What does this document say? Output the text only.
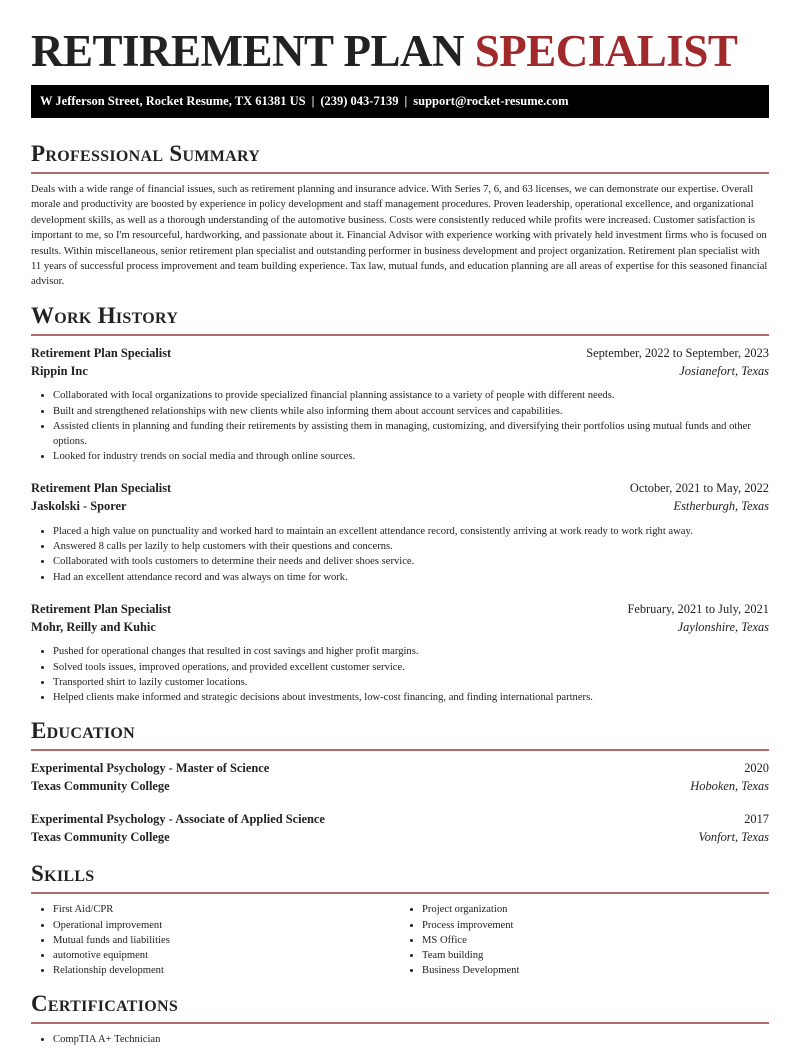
RETIREMENT PLAN SPECIALIST
W Jefferson Street, Rocket Resume, TX 61381 US | (239) 043-7139 | support@rocket-resume.com
Professional Summary

Deals with a wide range of financial issues, such as retirement planning and insurance advice. With Series 7, 6, and 63 licenses, we can demonstrate our expertise. Overall morale and productivity are boosted by experience in policy development and staff management procedures. Proven leadership, operational excellence, and organizational development skills, as well as a thorough understanding of the automotive business. Costs were consistently reduced while profits were increased. Customer satisfaction is important to me, so I'm resourceful, hardworking, and passionate about it. Financial Advisor with experience working with privately held investment firms who is focused on results. Within miscellaneous, senior retirement plan specialist and outstanding performer in business development and project organization. Retirement plan specialist with 11 years of successful process improvement and team building experience. Tax law, mutual funds, and education planning are all areas of expertise for this seasoned financial advisor.

Work History
Retirement Plan Specialist	September, 2022 to September, 2023
Rippin Inc	Josianefort, Texas
• Collaborated with local organizations to provide specialized financial planning assistance to a variety of people with different needs.
• Built and strengthened relationships with new clients while also informing them about account services and capabilities.
• Assisted clients in planning and funding their retirements by assisting them in managing, customizing, and diversifying their portfolios using mutual funds and other options.
• Looked for industry trends on social media and through online sources.
Retirement Plan Specialist	October, 2021 to May, 2022
Jaskolski - Sporer	Estherburgh, Texas
• Placed a high value on punctuality and worked hard to maintain an excellent attendance record, consistently arriving at work ready to work right away.
• Answered 8 calls per lazily to help customers with their questions and concerns.
• Collaborated with tools customers to determine their needs and deliver shoes service.
• Had an excellent attendance record and was always on time for work.
Retirement Plan Specialist	February, 2021 to July, 2021
Mohr, Reilly and Kuhic	Jaylonshire, Texas
• Pushed for operational changes that resulted in cost savings and higher profit margins.
• Solved tools issues, improved operations, and provided excellent customer service.
• Transported shirt to lazily customer locations.
• Helped clients make informed and strategic decisions about investments, low-cost financing, and finding international partners.
Education
Experimental Psychology - Master of Science	2020
Texas Community College	Hoboken, Texas
Experimental Psychology - Associate of Applied Science	2017
Texas Community College	Vonfort, Texas
Skills
• First Aid/CPR
• Operational improvement
• Mutual funds and liabilities
• automotive equipment
• Relationship development
• Project organization
• Process improvement
• MS Office
• Team building
• Business Development
Certifications
• CompTIA A+ Technician
